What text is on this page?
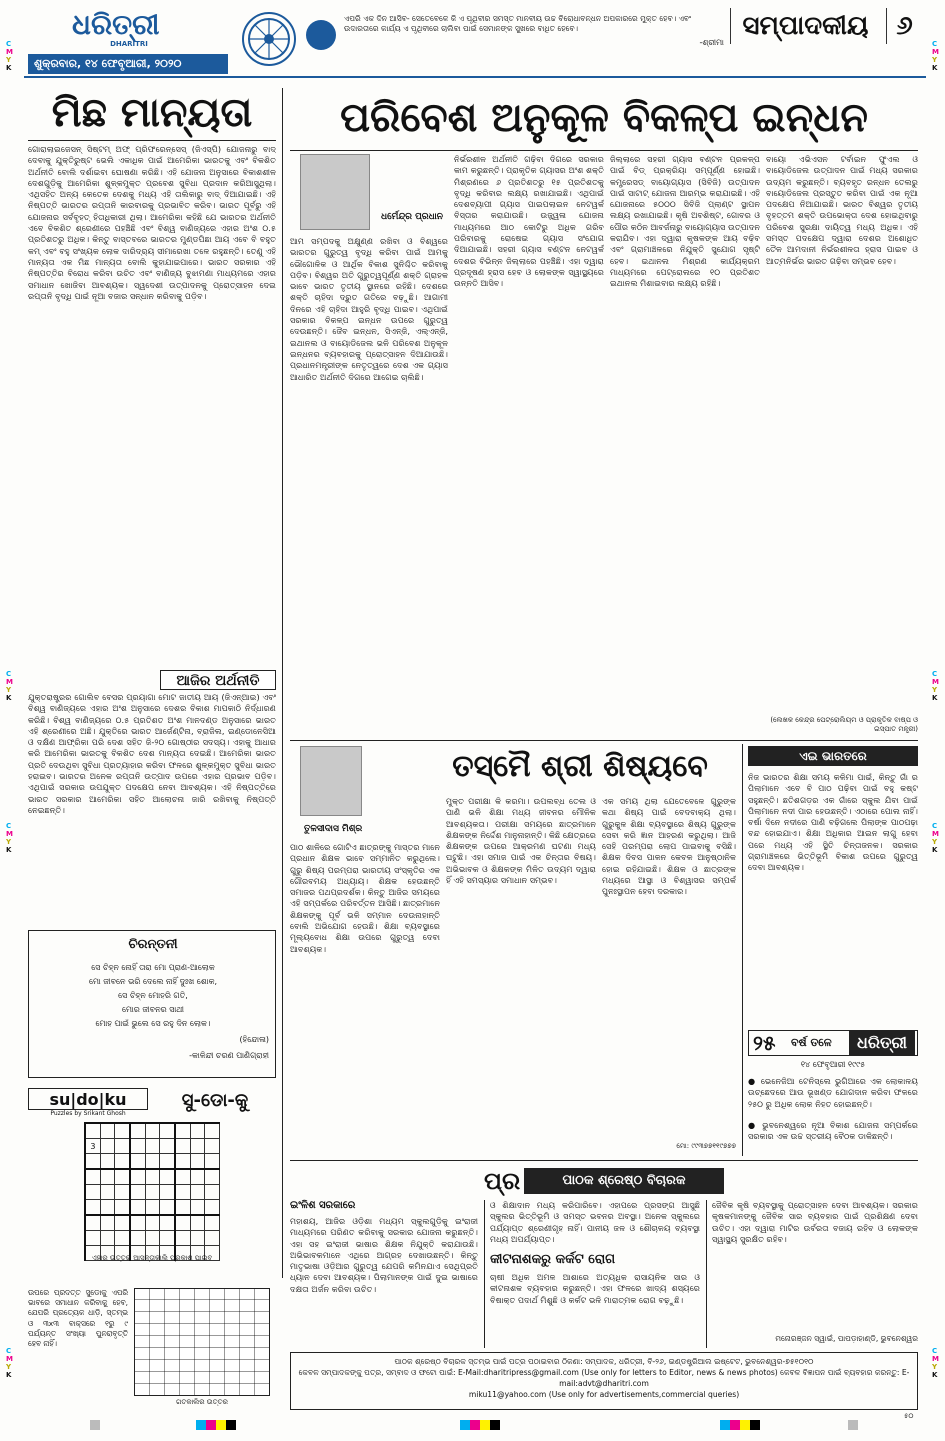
C
M
Y
K
C
M
Y
K
C
M
Y
K
C
M
Y
K
C
M
Y
K
C
M
Y
K
C
M
Y
K
C
M
Y
K
ଧରିତ୍ରୀ
DHARITRI
ଶୁକ୍ରବାର, ୧୪ ଫେବୃଆରୀ, ୨୦୨୦
ଏପରି ଏକ ଦିନ ଆସିବ- ସେତେବେଳେ କି ଏ ପୃଥିବୀର ସମସ୍ତ ମାନବୀୟ ଉଚ୍ଚ ବିରୋଧାବନ୍ଧନ ଅପକାରରେ ମୁକ୍ତ ହେବ। ଏବଂ ଉଦାରତାରେ କାର୍ଯ୍ୟ ଏ ପୃଥିବୀରେ ଚାଲିବା ପାଇଁ ସେମାନଙ୍କ ସୁଖରେ ବାଧିତ ହେବେ।
-ଶ୍ରୀମା
ସମ୍ପାଦକୀୟ	୬
ମିଛ ମାନ୍ୟତା
ଗୋରାଲାଇଜେସନ୍ ସିଷ୍ଟମ୍ ଅଫ୍ ପ୍ରିଫରେନ୍ସେସ୍ (ଜିଏସ୍‌ପି) ଯୋଜନାରୁ ବାଦ୍ ଦେବାକୁ ଯୁକ୍ତିରୁଷ୍ଟ ଭେଲି ଏକାଧିକ ପାଇଁ ଆମେରିକା ଭାରତକୁ ଏବଂ ବିକଶିତ ଅର୍ଥନୀତି ବୋଲି ଦର୍ଶାଇବା ଘୋଷଣା କରିଛି। ଏହି ଯୋଜନା ଅନୁସାରେ ବିକାଶଶୀଳ ଦେଶଗୁଡ଼ିକୁ ଆମେରିକା ଶୁଳ୍କମୁକ୍ତ ପ୍ରବେଶ ସୁବିଧା ପ୍ରଦାନ କରିଆସୁଥିଲା। ଏଥିସହିତ ଅନ୍ୟ କେତେକ ଦେଶକୁ ମଧ୍ୟ ଏହି ତାଲିକାରୁ ବାଦ୍ ଦିଆଯାଇଛି। ଏହି ନିଷ୍ପତ୍ତି ଭାରତର ରପ୍ତାନି କାରବାରକୁ ପ୍ରଭାବିତ କରିବ। ଭାରତ ପୂର୍ବରୁ ଏହି ଯୋଜନାର ସର୍ବବୃହତ୍ ହିତାଧିକାରୀ ଥିଲା। ଆମେରିକା କହିଛି ଯେ ଭାରତର ଅର୍ଥନୀତି ଏବେ ବିକଶିତ ଶ୍ରେଣୀରେ ପହଞ୍ଚିଛି ଏବଂ ବିଶ୍ୱ ବାଣିଜ୍ୟରେ ଏହାର ଅଂଶ ୦.୫ ପ୍ରତିଶତରୁ ଅଧିକ। କିନ୍ତୁ ବାସ୍ତବରେ ଭାରତର ମୁଣ୍ଡପିଛା ଆୟ ଏବେ ବି ବହୁତ କମ୍ ଏବଂ ବହୁ ସଂଖ୍ୟକ ଲୋକ ଦାରିଦ୍ର୍ୟ ସୀମାରେଖା ତଳେ ରହୁଛନ୍ତି। ତେଣୁ ଏହି ମାନ୍ୟତା ଏକ ମିଛ ମାନ୍ୟତା ବୋଲି କୁହାଯାଇପାରେ। ଭାରତ ସରକାର ଏହି ନିଷ୍ପତ୍ତିର ବିରୋଧ କରିବା ଉଚିତ ଏବଂ ବାଣିଜ୍ୟ ବୁଝାମଣା ମାଧ୍ୟମରେ ଏହାର ସମାଧାନ ଖୋଜିବା ଆବଶ୍ୟକ। ସ୍ୱଦେଶୀ ଉତ୍ପାଦନକୁ ପ୍ରୋତ୍ସାହନ ଦେଇ ରପ୍ତାନି ବୃଦ୍ଧି ପାଇଁ ନୂଆ ବଜାର ସନ୍ଧାନ କରିବାକୁ ପଡ଼ିବ।
ଆଜିର ଅର୍ଥନୀତି
ଯୁକ୍ତରାଷ୍ଟ୍ରର ଗୋଲିବ ବେସର ପ୍ରୟାଗା ମୋଟ ଜାତୀୟ ଆୟ (ଜିଏନ୍‌ଆଇ) ଏବଂ ବିଶ୍ୱ ବାଣିଜ୍ୟରେ ଏହାର ଅଂଶ ଅନୁସାରେ ଦେଶର ବିକାଶ ମାପକାଠି ନିର୍ଦ୍ଧାରଣ କରିଛି। ବିଶ୍ୱ ବାଣିଜ୍ୟରେ ୦.୫ ପ୍ରତିଶତ ଅଂଶ ମାନଦଣ୍ଡ ଅନୁସାରେ ଭାରତ ଏହି ଶ୍ରେଣୀରେ ଅଛି। ଯୁକ୍ତିରେ ଭାରତ ଆର୍ଜେଣ୍ଟିନା, ବ୍ରାଜିଲ, ଇଣ୍ଡୋନେସିଆ ଓ ଦକ୍ଷିଣ ଆଫ୍ରିକା ପରି ଦେଶ ସହିତ ଜି-୨୦ ଗୋଷ୍ଠୀର ସଦସ୍ୟ। ଏହାକୁ ଆଧାର କରି ଆମେରିକା ଭାରତକୁ ବିକଶିତ ଦେଶ ମାନ୍ୟତା ଦେଇଛି। ଆମେରିକା ଭାରତ ପ୍ରତି ଦେଉଥିବା ସୁବିଧା ପ୍ରତ୍ୟାହାର କରିବା ଫଳରେ ଶୁଳ୍କମୁକ୍ତ ସୁବିଧା ଭାରତ ହରାଇବ। ଭାରତର ଅନେକ ରପ୍ତାନି ଉତ୍ପାଦ ଉପରେ ଏହାର ପ୍ରଭାବ ପଡ଼ିବ। ଏଥିପାଇଁ ସରକାର ଉପଯୁକ୍ତ ପଦକ୍ଷେପ ନେବା ଆବଶ୍ୟକ। ଏହି ନିଷ୍ପତ୍ତିରେ ଭାରତ ସରକାର ଆମେରିକା ସହିତ ଆଲୋଚନା ଜାରି ରଖିବାକୁ ନିଷ୍ପତ୍ତି ନେଇଛନ୍ତି।
ଚିରନ୍ତନୀ
ସେ ଚିହ୍ନ ନୋହିଁ ତାରା ମୋ ପ୍ରାଣ-ଆଲୋକ
ମୋ ଜୀବନେ ଭରି ଦେଲେ ନାହିଁ ଦୁଃଖ ଶୋକ,
ସେ ଚିହ୍ନ ମୋହରି ଗତି,
ମୋର ଜୀବନର ସାଥୀ
ମୋହ ପାଇଁ ଭୁଲେ ସେ ରହୁ ଦିନ ଲୋକ।
(ହିନ୍ଦୋଳା)
-କାଳିନ୍ଦୀ ଚରଣ ପାଣିଗ୍ରାହୀ
su|do|ku
Puzzles by Srikant Ghosh
ସୁ-ଡୋ-କୁ

3								

ଏହାର ଉତ୍ତର ଆସନ୍ତାକାଲି ପ୍ରକାଶ ପାଇବ
ଉପରେ ପ୍ରଦତ୍ତ ସୁଡୋକୁ ଏପରି ଭାବରେ ସମାଧାନ କରିବାକୁ ହେବ, ଯେପରି ପ୍ରତ୍ୟେକ ଧାଡ଼ି, ସ୍ତମ୍ଭ ଓ ୩x୩ ବାକ୍ସରେ ୧ରୁ ୯ ପର୍ଯ୍ୟନ୍ତ ସଂଖ୍ୟା ପୁନରାବୃତ୍ତି ହେବ ନାହିଁ।
ଗତକାଲିର ଉତ୍ତର
ପରିବେଶ ଅନୁକୂଳ ବିକଳ୍ପ ଇନ୍ଧନ
ଧର୍ମେନ୍ଦ୍ର ପ୍ରଧାନ
ଆମ ସମ୍ପଦକୁ ଅକ୍ଷୁଣ୍ଣ ରଖିବା ଓ ବିଶ୍ୱରେ ଭାରତର ଗୁରୁତ୍ୱ ବୃଦ୍ଧି କରିବା ପାଇଁ ଆମକୁ ଭୌଗୋଳିକ ଓ ଆର୍ଥିକ ବିକାଶ ସୁନିଶ୍ଚିତ କରିବାକୁ ପଡ଼ିବ। ବିଶ୍ୱର ଅତି ଗୁରୁତ୍ୱପୂର୍ଣ୍ଣ ଶକ୍ତି ଗ୍ରାହକ ଭାବେ ଭାରତ ତୃତୀୟ ସ୍ଥାନରେ ରହିଛି। ଦେଶରେ ଶକ୍ତି ଚାହିଦା ଦ୍ରୁତ ଗତିରେ ବଢ଼ୁଛି। ଆଗାମୀ ଦିନରେ ଏହି ଚାହିଦା ଆହୁରି ବୃଦ୍ଧି ପାଇବ। ଏଥିପାଇଁ ସରକାର ବିକଳ୍ପ ଇନ୍ଧନ ଉପରେ ଗୁରୁତ୍ୱ ଦେଉଛନ୍ତି। ଜୈବ ଇନ୍ଧନ, ସିଏନ୍‌ଜି, ଏଲ୍‌ଏନ୍‌ଜି, ଇଥାନଲ ଓ ବାୟୋଡିଜେଲ ଭଳି ପରିବେଶ ଅନୁକୂଳ ଇନ୍ଧନର ବ୍ୟବହାରକୁ ପ୍ରୋତ୍ସାହନ ଦିଆଯାଉଛି। ପ୍ରଧାନମନ୍ତ୍ରୀଙ୍କ ନେତୃତ୍ୱରେ ଦେଶ ଏକ ଗ୍ୟାସ ଆଧାରିତ ଅର୍ଥନୀତି ଦିଗରେ ଆଗେଇ ଚାଲିଛି।
ନିର୍ଭରଶୀଳ ଅର୍ଥନୀତି ଗଢ଼ିବା ଦିଗରେ ସରକାର କାମ କରୁଛନ୍ତି। ପ୍ରାକୃତିକ ଗ୍ୟାସର ଅଂଶ ଶକ୍ତି ମିଶ୍ରଣରେ ୬ ପ୍ରତିଶତରୁ ୧୫ ପ୍ରତିଶତକୁ ବୃଦ୍ଧି କରିବାର ଲକ୍ଷ୍ୟ ରଖାଯାଇଛି। ଏଥିପାଇଁ ଦେଶବ୍ୟାପୀ ଗ୍ୟାସ ପାଇପଲାଇନ ନେଟୱର୍କ ବିସ୍ତାର କରାଯାଉଛି। ଉଜ୍ଜ୍ୱଳା ଯୋଜନା ମାଧ୍ୟମରେ ଆଠ କୋଟିରୁ ଅଧିକ ଗରିବ ପରିବାରକୁ ରୋଷେଇ ଗ୍ୟାସ ସଂଯୋଗ ଦିଆଯାଇଛି। ସହରୀ ଗ୍ୟାସ ବଣ୍ଟନ ନେଟୱର୍କ ଦେଶର ବିଭିନ୍ନ ଜିଲ୍ଲାରେ ପହଞ୍ଚିଛି। ଏହା ଦ୍ୱାରା ପ୍ରଦୂଷଣ ହ୍ରାସ ହେବ ଓ ଲୋକଙ୍କ ସ୍ୱାସ୍ଥ୍ୟରେ ଉନ୍ନତି ଆସିବ।
ଜିଲ୍ଲାରେ ସହରୀ ଗ୍ୟାସ ବଣ୍ଟନ ପ୍ରକଳ୍ପ ପାଇଁ ବିଡ୍ ପ୍ରକ୍ରିୟା ସମ୍ପୂର୍ଣ୍ଣ ହୋଇଛି। କମ୍ପ୍ରେସଡ୍ ବାୟୋଗ୍ୟାସ (ସିବିଜି) ଉତ୍ପାଦନ ପାଇଁ ସାଟାଟ୍ ଯୋଜନା ଆରମ୍ଭ କରାଯାଇଛି। ଏହି ଯୋଜନାରେ ୫୦୦୦ ସିବିଜି ପ୍ଲାଣ୍ଟ ସ୍ଥାପନ ଲକ୍ଷ୍ୟ ରଖାଯାଇଛି। କୃଷି ଅବଶିଷ୍ଟ, ଗୋବର ଓ ପୌର କଠିନ ଆବର୍ଜନାରୁ ବାୟୋଗ୍ୟାସ ଉତ୍ପାଦନ କରାଯିବ। ଏହା ଦ୍ୱାରା କୃଷକଙ୍କ ଆୟ ବଢ଼ିବ ଏବଂ ଗ୍ରାମାଞ୍ଚଳରେ ନିଯୁକ୍ତି ସୁଯୋଗ ସୃଷ୍ଟି ହେବ। ଇଥାନଲ ମିଶ୍ରଣ କାର୍ଯ୍ୟକ୍ରମ ମାଧ୍ୟମରେ ପେଟ୍ରୋଲରେ ୧୦ ପ୍ରତିଶତ ଇଥାନଲ ମିଶାଇବାର ଲକ୍ଷ୍ୟ ରହିଛି।
ବାୟୋ ଏଭିଏସନ ଟର୍ବାଇନ ଫୁଏଲ ଓ ବାୟୋଡିଜେଲ ଉତ୍ପାଦନ ପାଇଁ ମଧ୍ୟ ସରକାର ଉଦ୍ୟମ କରୁଛନ୍ତି। ବ୍ୟବହୃତ ରନ୍ଧନ ତେଲରୁ ବାୟୋଡିଜେଲ ପ୍ରସ୍ତୁତ କରିବା ପାଇଁ ଏକ ନୂଆ ପଦକ୍ଷେପ ନିଆଯାଇଛି। ଭାରତ ବିଶ୍ୱର ତୃତୀୟ ବୃହତ୍ତମ ଶକ୍ତି ଉପଭୋକ୍ତା ଦେଶ ହୋଇଥିବାରୁ ପରିବେଶ ସୁରକ୍ଷା ଦାୟିତ୍ୱ ମଧ୍ୟ ଅଧିକ। ଏହି ସମସ୍ତ ପଦକ୍ଷେପ ଦ୍ୱାରା ଦେଶର ଅଶୋଧିତ ତୈଳ ଆମଦାନୀ ନିର୍ଭରଶୀଳତା ହ୍ରାସ ପାଇବ ଓ ଆତ୍ମନିର୍ଭର ଭାରତ ଗଢ଼ିବା ସମ୍ଭବ ହେବ।
(ଲେଖକ କେନ୍ଦ୍ର ପେଟ୍ରୋଲିୟମ ଓ ପ୍ରାକୃତିକ ବାଷ୍ପ ଓ ଇସ୍ପାତ ମନ୍ତ୍ରୀ)
ତସ୍ମୈ ଶ୍ରୀ ଶିଷ୍ୟବେ
ତୁଳସୀଦାସ ମିଶ୍ର
ପାଠ ଶାଳିରେ ଗୋଟିଏ ଛାତ୍ରଙ୍କୁ ମାସ୍ତର ମାନେ ପ୍ରଧାନ ଶିକ୍ଷକ ଭାବେ ସମ୍ମାନିତ କରୁଥିଲେ। ଗୁରୁ ଶିଷ୍ୟ ପରମ୍ପରା ଭାରତୀୟ ସଂସ୍କୃତିର ଏକ ଗୌରବମୟ ଅଧ୍ୟାୟ। ଶିକ୍ଷକ ହେଉଛନ୍ତି ସମାଜର ପଥପ୍ରଦର୍ଶକ। କିନ୍ତୁ ଆଜିର ସମୟରେ ଏହି ସମ୍ପର୍କରେ ପରିବର୍ତ୍ତନ ଆସିଛି। ଛାତ୍ରମାନେ ଶିକ୍ଷକଙ୍କୁ ପୂର୍ବ ଭଳି ସମ୍ମାନ ଦେଉନାହାନ୍ତି ବୋଲି ଅଭିଯୋଗ ହେଉଛି। ଶିକ୍ଷା ବ୍ୟବସ୍ଥାରେ ମୂଲ୍ୟବୋଧ ଶିକ୍ଷା ଉପରେ ଗୁରୁତ୍ୱ ଦେବା ଆବଶ୍ୟକ।
ମୁକ୍ତ ପରୀକ୍ଷା କି କରମା। ଉପଲବ୍ଧ ତେଲ ଓ ପାଣି ଭଳି ଶିକ୍ଷା ମଧ୍ୟ ଜୀବନର ମୌଳିକ ଆବଶ୍ୟକତା। ପରୀକ୍ଷା ସମୟରେ ଛାତ୍ରମାନେ ଶିକ୍ଷକଙ୍କ ନିର୍ଦ୍ଦେଶ ମାନୁନାହାନ୍ତି। କିଛି କ୍ଷେତ୍ରରେ ଶିକ୍ଷକଙ୍କ ଉପରେ ଆକ୍ରମଣ ଘଟଣା ମଧ୍ୟ ଘଟୁଛି। ଏହା ସମାଜ ପାଇଁ ଏକ ଚିନ୍ତାର ବିଷୟ। ଅଭିଭାବକ ଓ ଶିକ୍ଷକଙ୍କ ମିଳିତ ଉଦ୍ୟମ ଦ୍ୱାରା ହିଁ ଏହି ସମସ୍ୟାର ସମାଧାନ ସମ୍ଭବ।
ଏକ ସମୟ ଥିଲା ଯେତେବେଳେ ଗୁରୁଙ୍କ କଥା ଶିଷ୍ୟ ପାଇଁ ବେଦବାକ୍ୟ ଥିଲା। ଗୁରୁକୁଳ ଶିକ୍ଷା ବ୍ୟବସ୍ଥାରେ ଶିଷ୍ୟ ଗୁରୁଙ୍କ ସେବା କରି ଜ୍ଞାନ ଆହରଣ କରୁଥିଲା। ଆଜି ସେହି ପରମ୍ପରା ଲୋପ ପାଇବାକୁ ବସିଛି। ଶିକ୍ଷକ ଦିବସ ପାଳନ କେବଳ ଆନୁଷ୍ଠାନିକ ହୋଇ ରହିଯାଇଛି। ଶିକ୍ଷକ ଓ ଛାତ୍ରଙ୍କ ମଧ୍ୟରେ ଆସ୍ଥା ଓ ବିଶ୍ୱାସର ସମ୍ପର୍କ ପୁନଃସ୍ଥାପନ ହେବା ଦରକାର।
ମୋ: ୯୯୩୭୭୧୧୯୭୭୭
ଏଇ ଭାରତରେ
ନିଜ ଭାରତର ଶିକ୍ଷା ସମୟ କଳିମା ପାଇଁ, କିନ୍ତୁ ଗାଁ ର ପିଲାମାନେ ଏବେ ବି ପାଠ ପଢ଼ିବା ପାଇଁ ବହୁ କଷ୍ଟ ସହୁଛନ୍ତି। ଛତିଶଗଡ଼ର ଏକ ଗାଁରେ ସ୍କୁଲ ଯିବା ପାଇଁ ପିଲାମାନେ ନଦୀ ପାର ହେଉଛନ୍ତି। ଏଠାରେ ପୋଲ ନାହିଁ। ବର୍ଷା ଦିନେ ନଦୀରେ ପାଣି ବଢ଼ିଗଲେ ପିଲାଙ୍କ ପାଠପଢ଼ା ବନ୍ଦ ହୋଇଯାଏ। ଶିକ୍ଷା ଅଧିକାର ଆଇନ ଲାଗୁ ହେବା ପରେ ମଧ୍ୟ ଏହି ସ୍ଥିତି ଚିନ୍ତାଜନକ। ସରକାର ଗ୍ରାମାଞ୍ଚଳରେ ଭିତ୍ତିଭୂମି ବିକାଶ ଉପରେ ଗୁରୁତ୍ୱ ଦେବା ଆବଶ୍ୟକ।
୨୫	ବର୍ଷ ତଳେ	ଧରିତ୍ରୀ
୧୪ ଫେବୃଆରୀ ୧୯୯୫
● ଭେନେଜିଆ ଟେନିସ୍‌ଲେ ଭୁଗିଆରେ ଏକ ଲୋକାଳୟ ଉଚ୍ଛେଦରେ ଆଉ ଭୂଖଣ୍ଡ ଯୋଗଦାନ କରିବା ଫଳରେ ୨୫୦ ରୁ ଅଧିକ ଲୋକ ନିହତ ହୋଇଛନ୍ତି।
● ଭୁବନେଶ୍ୱରେ ନୂଆ ବିକାଶ ଯୋଜନା ସମ୍ପର୍କରେ ସରକାର ଏକ ଉଚ୍ଚ ସ୍ତରୀୟ ବୈଠକ ଡାକିଛନ୍ତି।
ପ୍ର	ପାଠକ ଶ୍ରେଷ୍ଠ ବିଚାରକ
ଇଂଳିଶ ସରକାରେ
ମହାଶୟ, ଆଜିର ଓଡ଼ିଶା ମଧ୍ୟମ ସ୍କୁଲଗୁଡ଼ିକୁ ଇଂରାଜୀ ମାଧ୍ୟମରେ ପରିଣତ କରିବାକୁ ସରକାର ଯୋଜନା କରୁଛନ୍ତି। ଏହା ସହ ଇଂରାଜୀ ଭାଷାର ଶିକ୍ଷକ ନିଯୁକ୍ତି କରାଯାଉଛି। ଅଭିଭାବକମାନେ ଏଥିରେ ଆଗ୍ରହ ଦେଖାଉଛନ୍ତି। କିନ୍ତୁ ମାତୃଭାଷା ଓଡ଼ିଆର ଗୁରୁତ୍ୱ ଯେପରି କମିନଯାଏ ସେଥିପ୍ରତି ଧ୍ୟାନ ଦେବା ଆବଶ୍ୟକ। ପିଲାମାନଙ୍କ ପାଇଁ ଦୁଇ ଭାଷାରେ ଦକ୍ଷତା ଅର୍ଜନ କରିବା ଉଚିତ।
ଓ ଶିକ୍ଷାଦାନ ମଧ୍ୟ କରିପାରିବେ। ଏହାପରେ ପ୍ରସଙ୍ଗ ଆସୁଛି ସ୍କୁଲର ଭିତ୍ତିଭୂମି ଓ ସମସ୍ତ ଭବନର ଅବସ୍ଥା। ଅନେକ ସ୍କୁଲରେ ପର୍ଯ୍ୟାପ୍ତ ଶ୍ରେଣୀଗୃହ ନାହିଁ। ପାନୀୟ ଜଳ ଓ ଶୌଚାଳୟ ବ୍ୟବସ୍ଥା ମଧ୍ୟ ଅପର୍ଯ୍ୟାପ୍ତ।
କୀଟନାଶକରୁ କର୍କଟ ରୋଗ
ଚାଷୀ ଅଧିକ ଅମଳ ଆଶାରେ ଅତ୍ୟଧିକ ରାସାୟନିକ ସାର ଓ କୀଟନାଶକ ବ୍ୟବହାର କରୁଛନ୍ତି। ଏହା ଫଳରେ ଖାଦ୍ୟ ଶସ୍ୟରେ ବିଷାକ୍ତ ପଦାର୍ଥ ମିଶୁଛି ଓ କର୍କଟ ଭଳି ମାରାତ୍ମକ ରୋଗ ବଢ଼ୁଛି।
ଜୈବିକ କୃଷି ବ୍ୟବସ୍ଥାକୁ ପ୍ରୋତ୍ସାହନ ଦେବା ଆବଶ୍ୟକ। ସରକାର କୃଷକମାନଙ୍କୁ ଜୈବିକ ସାର ବ୍ୟବହାର ପାଇଁ ପ୍ରଶିକ୍ଷଣ ଦେବା ଉଚିତ। ଏହା ଦ୍ୱାରା ମାଟିର ଉର୍ବରତା ବଜାୟ ରହିବ ଓ ଲୋକଙ୍କ ସ୍ୱାସ୍ଥ୍ୟ ସୁରକ୍ଷିତ ରହିବ।
ମନୋରଞ୍ଜନ ସ୍ୱାଇଁ, ପାପଡ଼ାହାଣ୍ଡି, ଭୁବନେଶ୍ୱର
ପାଠକ ଶ୍ରେଷ୍ଠ ବିଚାରକ ସ୍ତମ୍ଭ ପାଇଁ ପତ୍ର ପଠାଇବାର ଠିକଣା: ସମ୍ପାଦକ, ଧରିତ୍ରୀ, ବି-୨୬, ଇଣ୍ଡଷ୍ଟ୍ରିଆଲ ଇଷ୍ଟେଟ, ଭୁବନେଶ୍ୱର-୭୫୧୦୧୦
କେବଳ ସମ୍ପାଦକଙ୍କୁ ପତ୍ର, ସମ୍ବାଦ ଓ ଫଟୋ ପାଇଁ: E-Mail:dharitripress@gmail.com (Use only for letters to Editor, news & news photos) କେବଳ ବିଜ୍ଞାପନ ପାଇଁ ବ୍ୟବହାର କରନ୍ତୁ: E-mail:advt@dharitri.com
miku11@yahoo.com (Use only for advertisements,commercial queries)
୫୦
